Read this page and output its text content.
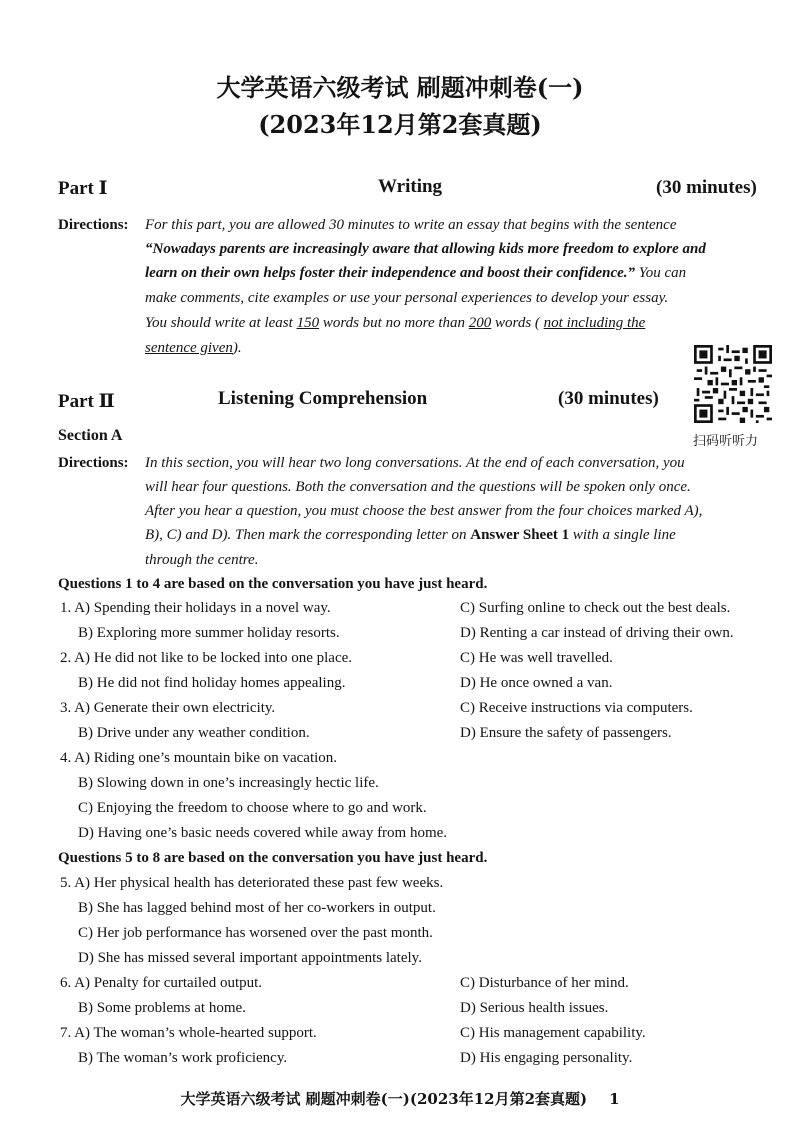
大学英语六级考试 刷题冲刺卷(一)
(2023年12月第2套真题)
Part Ⅰ	Writing	(30 minutes)
Directions: For this part, you are allowed 30 minutes to write an essay that begins with the sentence
“Nowadays parents are increasingly aware that allowing kids more freedom to explore and
learn on their own helps foster their independence and boost their confidence.” You can
make comments, cite examples or use your personal experiences to develop your essay.
You should write at least 150 words but no more than 200 words ( not including the
sentence given).
Part Ⅱ	Listening Comprehension	(30 minutes)
扫码听听力
Section A
Directions: In this section, you will hear two long conversations. At the end of each conversation, you
will hear four questions. Both the conversation and the questions will be spoken only once.
After you hear a question, you must choose the best answer from the four choices marked A),
B), C) and D). Then mark the corresponding letter on Answer Sheet 1 with a single line
through the centre.
Questions 1 to 4 are based on the conversation you have just heard.
1. A) Spending their holidays in a novel way.	C) Surfing online to check out the best deals.
B) Exploring more summer holiday resorts.	D) Renting a car instead of driving their own.
2. A) He did not like to be locked into one place.	C) He was well travelled.
B) He did not find holiday homes appealing.	D) He once owned a van.
3. A) Generate their own electricity.	C) Receive instructions via computers.
B) Drive under any weather condition.	D) Ensure the safety of passengers.
4. A) Riding one’s mountain bike on vacation.
B) Slowing down in one’s increasingly hectic life.
C) Enjoying the freedom to choose where to go and work.
D) Having one’s basic needs covered while away from home.
Questions 5 to 8 are based on the conversation you have just heard.
5. A) Her physical health has deteriorated these past few weeks.
B) She has lagged behind most of her co-workers in output.
C) Her job performance has worsened over the past month.
D) She has missed several important appointments lately.
6. A) Penalty for curtailed output.	C) Disturbance of her mind.
B) Some problems at home.	D) Serious health issues.
7. A) The woman’s whole-hearted support.	C) His management capability.
B) The woman’s work proficiency.	D) His engaging personality.
大学英语六级考试 刷题冲刺卷(一)(2023年12月第2套真题) 1
